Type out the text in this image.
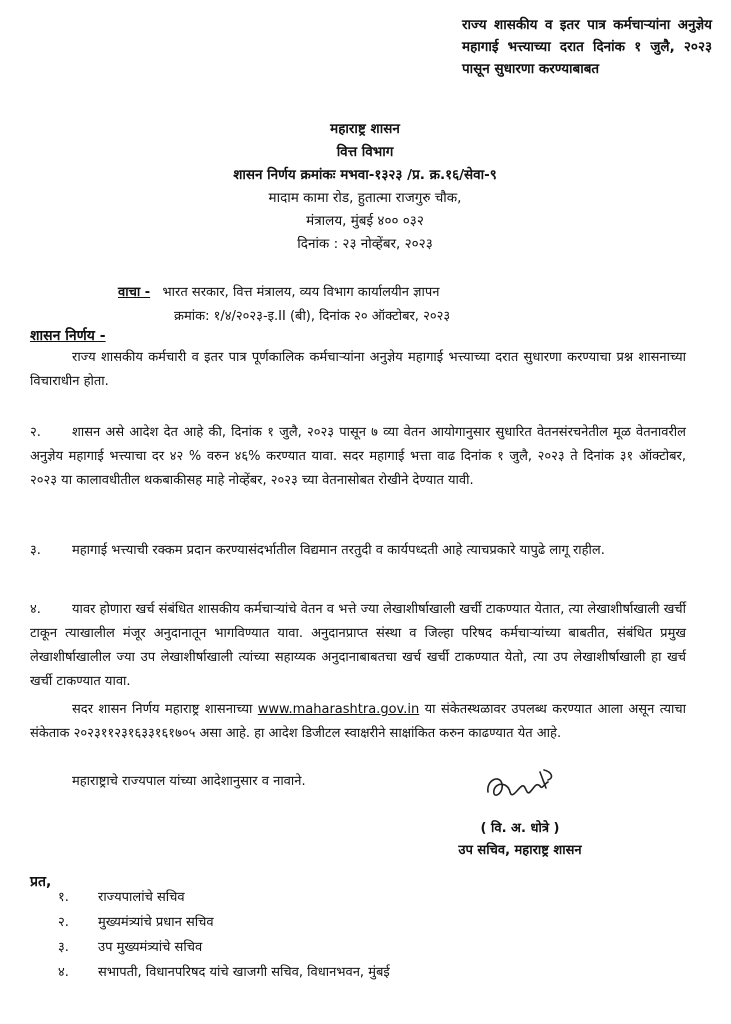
राज्य शासकीय व इतर पात्र कर्मचाऱ्यांना अनुज्ञेय महागाई भत्त्याच्या दरात दिनांक १ जुलै, २०२३ पासून सुधारणा करण्याबाबत
महाराष्ट्र शासन
वित्त विभाग
शासन निर्णय क्रमांकः मभवा-१३२३ /प्र. क्र.१६/सेवा-९
मादाम कामा रोड, हुतात्मा राजगुरु चौक,
मंत्रालय, मुंबई ४०० ०३२
दिनांक : २३ नोव्हेंबर, २०२३
वाचा - भारत सरकार, वित्त मंत्रालय, व्यय विभाग कार्यालयीन ज्ञापन
क्रमांक: १/४/२०२३-इ.II (बी), दिनांक २० ऑक्टोबर, २०२३
शासन निर्णय -
राज्य शासकीय कर्मचारी व इतर पात्र पूर्णकालिक कर्मचाऱ्यांना अनुज्ञेय महागाई भत्त्याच्या दरात सुधारणा करण्याचा प्रश्न शासनाच्या विचाराधीन होता.
२. शासन असे आदेश देत आहे की, दिनांक १ जुलै, २०२३ पासून ७ व्या वेतन आयोगानुसार सुधारित वेतनसंरचनेतील मूळ वेतनावरील अनुज्ञेय महागाई भत्त्याचा दर ४२ % वरुन ४६% करण्यात यावा. सदर महागाई भत्ता वाढ दिनांक १ जुलै, २०२३ ते दिनांक ३१ ऑक्टोबर, २०२३ या कालावधीतील थकबाकीसह माहे नोव्हेंबर, २०२३ च्या वेतनासोबत रोखीने देण्यात यावी.
३. महागाई भत्त्याची रक्कम प्रदान करण्यासंदर्भातील विद्यमान तरतुदी व कार्यपध्दती आहे त्याचप्रकारे यापुढे लागू राहील.
४. यावर होणारा खर्च संबंधित शासकीय कर्मचाऱ्यांचे वेतन व भत्ते ज्या लेखाशीर्षाखाली खर्ची टाकण्यात येतात, त्या लेखाशीर्षाखाली खर्ची टाकून त्याखालील मंजूर अनुदानातून भागविण्यात यावा. अनुदानप्राप्त संस्था व जिल्हा परिषद कर्मचाऱ्यांच्या बाबतीत, संबंधित प्रमुख लेखाशीर्षाखालील ज्या उप लेखाशीर्षाखाली त्यांच्या सहाय्यक अनुदानाबाबतचा खर्च खर्ची टाकण्यात येतो, त्या उप लेखाशीर्षाखाली हा खर्च खर्ची टाकण्यात यावा.
सदर शासन निर्णय महाराष्ट्र शासनाच्या www.maharashtra.gov.in या संकेतस्थळावर उपलब्ध करण्यात आला असून त्याचा संकेताक २०२३११२३१६३३१६१७०५ असा आहे. हा आदेश डिजीटल स्वाक्षरीने साक्षांकित करुन काढण्यात येत आहे.
महाराष्ट्राचे राज्यपाल यांच्या आदेशानुसार व नावाने.
( वि. अ. धोत्रे )
उप सचिव, महाराष्ट्र शासन
प्रत,
१.	राज्यपालांचे सचिव
२.	मुख्यमंत्र्यांचे प्रधान सचिव
३.	उप मुख्यमंत्र्यांचे सचिव
४.	सभापती, विधानपरिषद यांचे खाजगी सचिव, विधानभवन, मुंबई
